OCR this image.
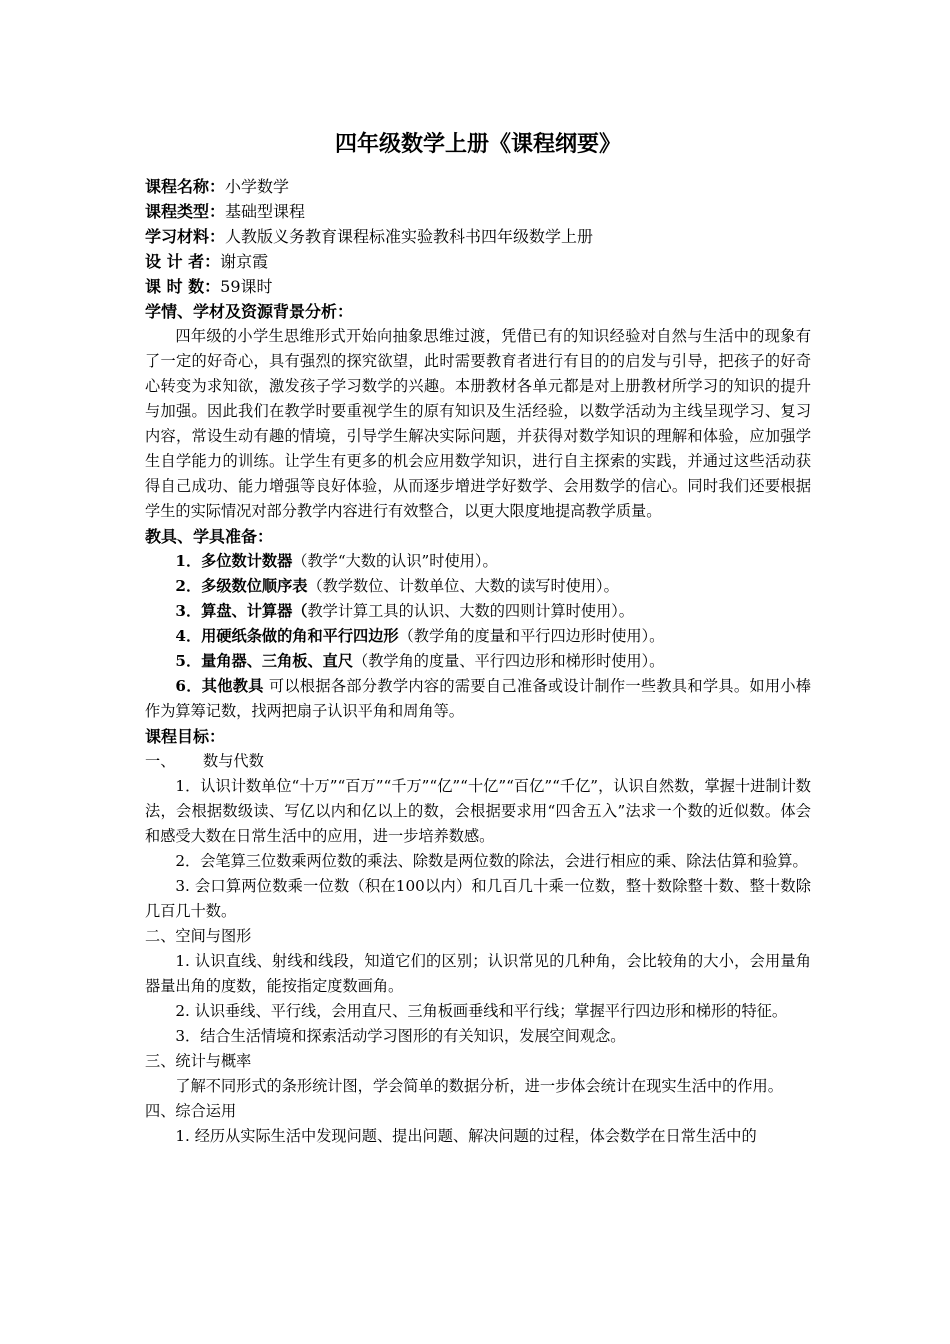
四年级数学上册《课程纲要》

课程名称：小学数学

课程类型：基础型课程

学习材料：人教版义务教育课程标准实验教科书四年级数学上册

设 计 者：谢京霞

课 时 数：59课时

学情、学材及资源背景分析：

四年级的小学生思维形式开始向抽象思维过渡，凭借已有的知识经验对自然与生活中的现象有了一定的好奇心，具有强烈的探究欲望，此时需要教育者进行有目的的启发与引导，把孩子的好奇心转变为求知欲，激发孩子学习数学的兴趣。本册教材各单元都是对上册教材所学习的知识的提升与加强。因此我们在教学时要重视学生的原有知识及生活经验，以数学活动为主线呈现学习、复习内容，常设生动有趣的情境，引导学生解决实际问题，并获得对数学知识的理解和体验，应加强学生自学能力的训练。让学生有更多的机会应用数学知识，进行自主探索的实践，并通过这些活动获得自己成功、能力增强等良好体验，从而逐步增进学好数学、会用数学的信心。同时我们还要根据学生的实际情况对部分教学内容进行有效整合，以更大限度地提高教学质量。

教具、学具准备：

1．多位数计数器（教学“大数的认识”时使用）。

2．多级数位顺序表（教学数位、计数单位、大数的读写时使用）。

3．算盘、计算器（教学计算工具的认识、大数的四则计算时使用）。

4．用硬纸条做的角和平行四边形（教学角的度量和平行四边形时使用）。

5．量角器、三角板、直尺（教学角的度量、平行四边形和梯形时使用）。

6．其他教具 可以根据各部分教学内容的需要自己准备或设计制作一些教具和学具。如用小棒作为算筹记数，找两把扇子认识平角和周角等。

课程目标：

一、 数与代数

1．认识计数单位“十万”“百万”“千万”“亿”“十亿”“百亿”“千亿”，认识自然数，掌握十进制计数法，会根据数级读、写亿以内和亿以上的数，会根据要求用“四舍五入”法求一个数的近似数。体会和感受大数在日常生活中的应用，进一步培养数感。

2．会笔算三位数乘两位数的乘法、除数是两位数的除法，会进行相应的乘、除法估算和验算。

3. 会口算两位数乘一位数（积在100以内）和几百几十乘一位数，整十数除整十数、整十数除几百几十数。

二、空间与图形

1. 认识直线、射线和线段，知道它们的区别；认识常见的几种角，会比较角的大小，会用量角器量出角的度数，能按指定度数画角。

2. 认识垂线、平行线，会用直尺、三角板画垂线和平行线；掌握平行四边形和梯形的特征。

3．结合生活情境和探索活动学习图形的有关知识，发展空间观念。

三、统计与概率

了解不同形式的条形统计图，学会简单的数据分析，进一步体会统计在现实生活中的作用。

四、综合运用

1. 经历从实际生活中发现问题、提出问题、解决问题的过程，体会数学在日常生活中的
